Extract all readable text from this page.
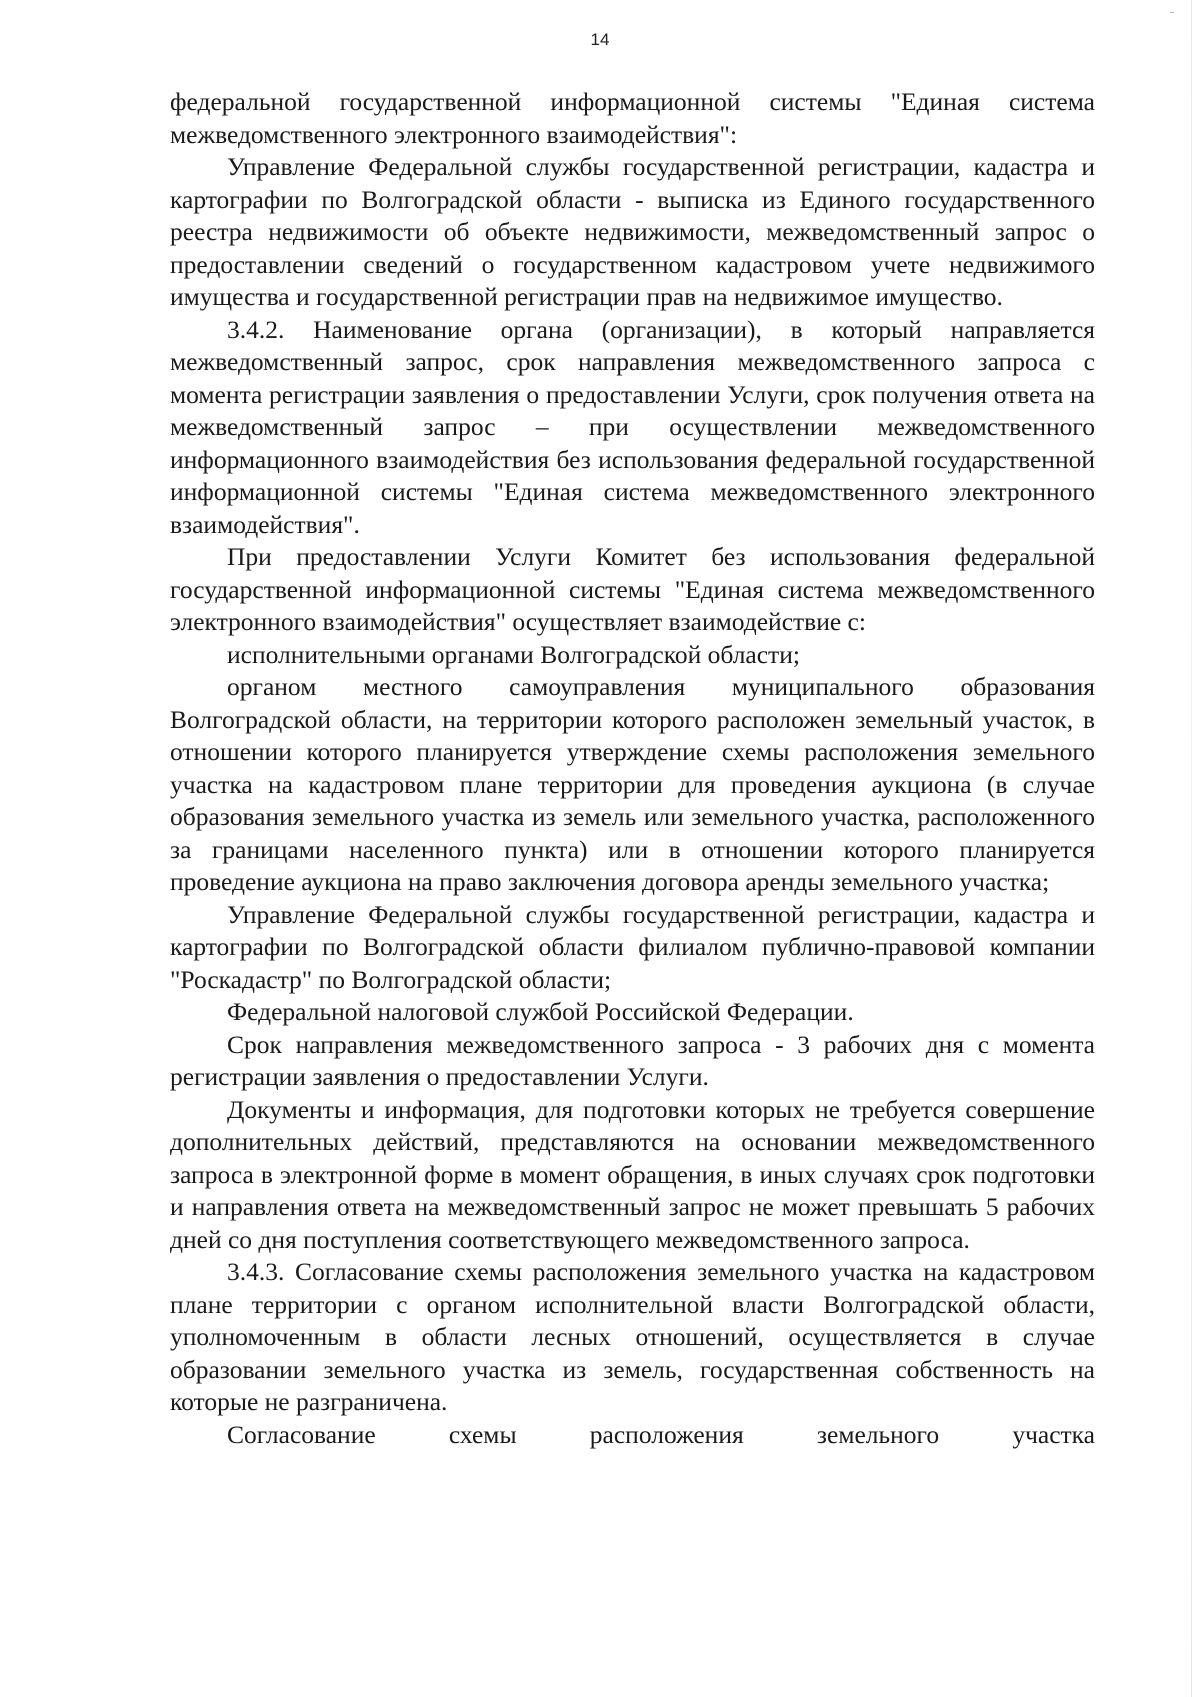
14

федеральной государственной информационной системы "Единая система межведомственного электронного взаимодействия":

Управление Федеральной службы государственной регистрации, кадастра и картографии по Волгоградской области - выписка из Единого государственного реестра недвижимости об объекте недвижимости, межведомственный запрос о предоставлении сведений о государственном кадастровом учете недвижимого имущества и государственной регистрации прав на недвижимое имущество.

3.4.2. Наименование органа (организации), в который направляется межведомственный запрос, срок направления межведомственного запроса с момента регистрации заявления о предоставлении Услуги, срок получения ответа на межведомственный запрос – при осуществлении межведомственного информационного взаимодействия без использования федеральной государственной информационной системы "Единая система межведомственного электронного взаимодействия".

При предоставлении Услуги Комитет без использования федеральной государственной информационной системы "Единая система межведомственного электронного взаимодействия" осуществляет взаимодействие с:

исполнительными органами Волгоградской области;

органом местного самоуправления муниципального образования Волгоградской области, на территории которого расположен земельный участок, в отношении которого планируется утверждение схемы расположения земельного участка на кадастровом плане территории для проведения аукциона (в случае образования земельного участка из земель или земельного участка, расположенного за границами населенного пункта) или в отношении которого планируется проведение аукциона на право заключения договора аренды земельного участка;

Управление Федеральной службы государственной регистрации, кадастра и картографии по Волгоградской области филиалом публично-правовой компании "Роскадастр" по Волгоградской области;

Федеральной налоговой службой Российской Федерации.

Срок направления межведомственного запроса - 3 рабочих дня с момента регистрации заявления о предоставлении Услуги.

Документы и информация, для подготовки которых не требуется совершение дополнительных действий, представляются на основании межведомственного запроса в электронной форме в момент обращения, в иных случаях срок подготовки и направления ответа на межведомственный запрос не может превышать 5 рабочих дней со дня поступления соответствующего межведомственного запроса.

3.4.3. Согласование схемы расположения земельного участка на кадастровом плане территории с органом исполнительной власти Волгоградской области, уполномоченным в области лесных отношений, осуществляется в случае образовании земельного участка из земель, государственная собственность на которые не разграничена.

Согласование схемы расположения земельного участка
